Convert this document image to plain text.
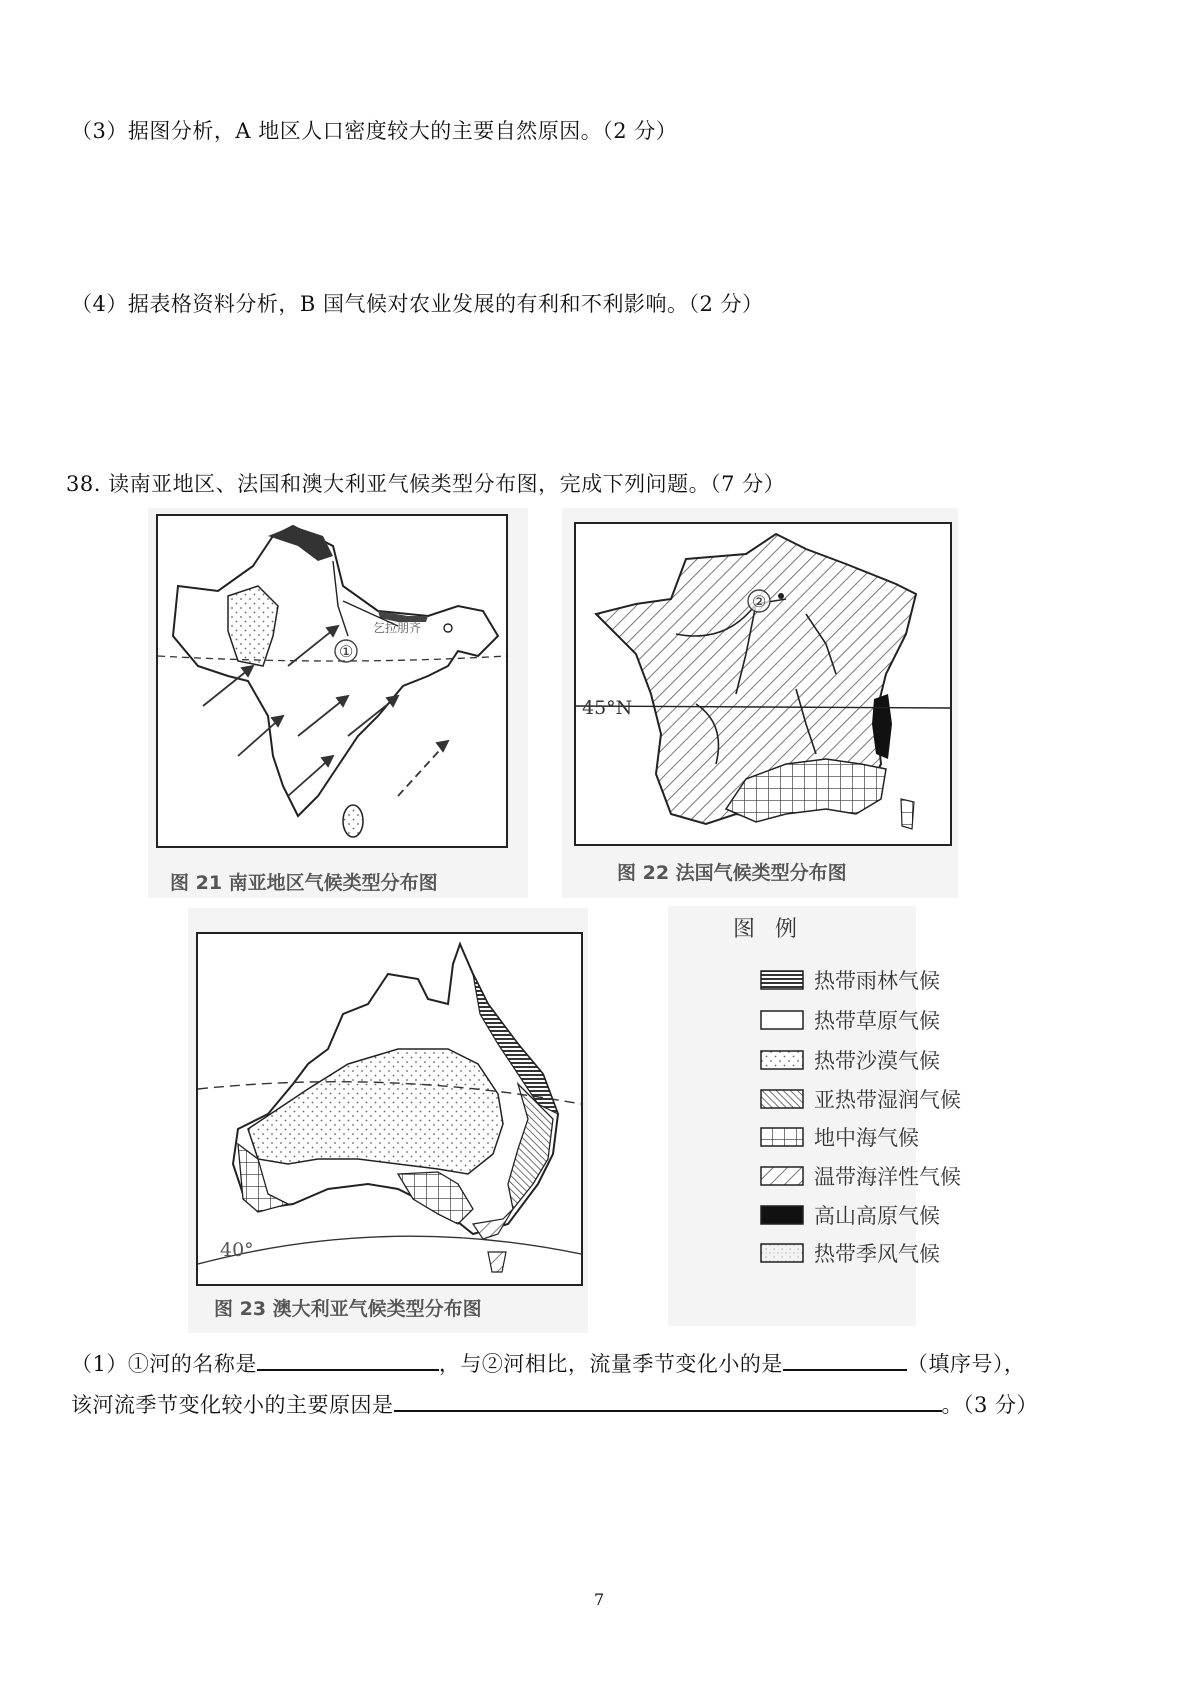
（3）据图分析，A 地区人口密度较大的主要自然原因。（2 分）
（4）据表格资料分析，B 国气候对农业发展的有利和不利影响。（2 分）
38. 读南亚地区、法国和澳大利亚气候类型分布图，完成下列问题。（7 分）
①
乞拉朋齐
图 21 南亚地区气候类型分布图
②
45°N
图 22 法国气候类型分布图
40°
图 23 澳大利亚气候类型分布图
图例
热带雨林气候
热带草原气候
热带沙漠气候
亚热带湿润气候
地中海气候
温带海洋性气候
高山高原气候
热带季风气候
（1）①河的名称是	，与②河相比，流量季节变化小的是	（填序号），
该河流季节变化较小的主要原因是	。（3 分）
7
